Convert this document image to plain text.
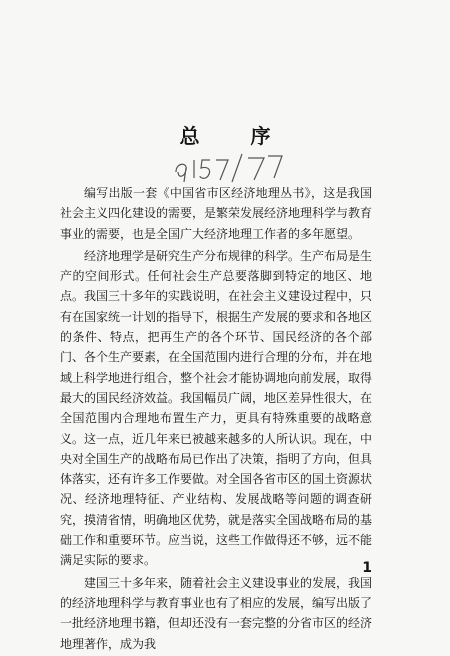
总 序

编写出版一套《中国省市区经济地理丛书》，这是我国社会主义四化建设的需要，是繁荣发展经济地理科学与教育事业的需要，也是全国广大经济地理工作者的多年愿望。

经济地理学是研究生产分布规律的科学。生产布局是生产的空间形式。任何社会生产总要落脚到特定的地区、地点。我国三十多年的实践说明，在社会主义建设过程中，只有在国家统一计划的指导下，根据生产发展的要求和各地区的条件、特点，把再生产的各个环节、国民经济的各个部门、各个生产要素，在全国范围内进行合理的分布，并在地域上科学地进行组合，整个社会才能协调地向前发展，取得最大的国民经济效益。我国幅员广阔，地区差异性很大，在全国范围内合理地布置生产力，更具有特殊重要的战略意义。这一点，近几年来已被越来越多的人所认识。现在，中央对全国生产的战略布局已作出了决策，指明了方向，但具体落实，还有许多工作要做。对全国各省市区的国土资源状况、经济地理特征、产业结构、发展战略等问题的调查研究，摸清省情，明确地区优势，就是落实全国战略布局的基础工作和重要环节。应当说，这些工作做得还不够，远不能满足实际的要求。

建国三十多年来，随着社会主义建设事业的发展，我国的经济地理科学与教育事业也有了相应的发展，编写出版了一批经济地理书籍，但却还没有一套完整的分省市区的经济地理著作，成为我

1
